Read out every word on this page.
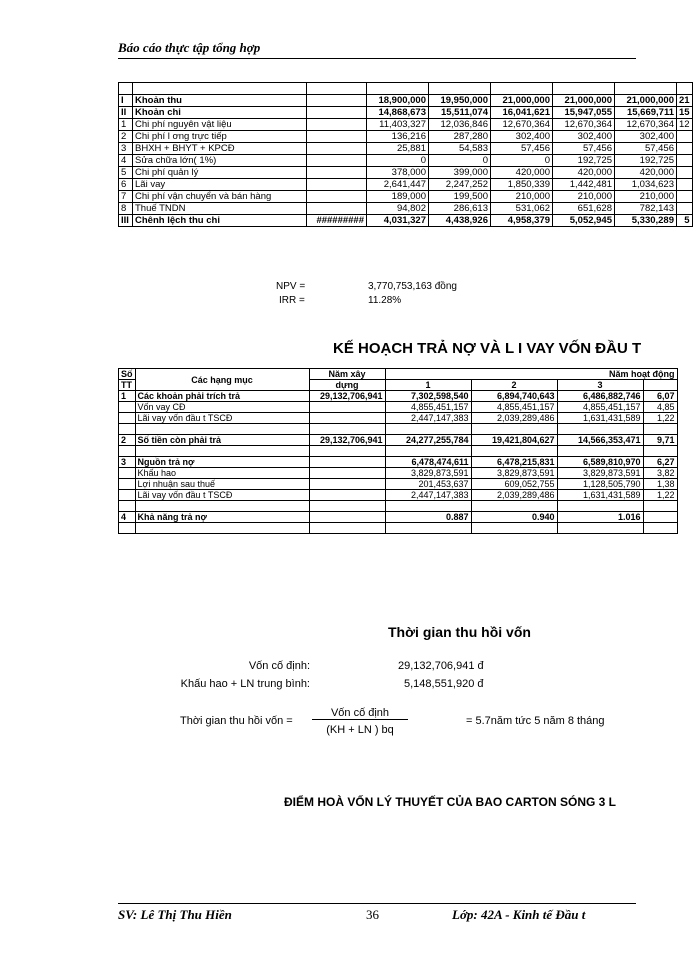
Báo cáo thực tập tổng hợp

I	Khoản thu		18,900,000	19,950,000	21,000,000	21,000,000	21,000,000	21
II	Khoản chi		14,868,673	15,511,074	16,041,621	15,947,055	15,669,711	15
1	Chi phí nguyên vật liệu		11,403,327	12,036,846	12,670,364	12,670,364	12,670,364	12
2	Chi phí l ơng trực tiếp		136,216	287,280	302,400	302,400	302,400	
3	BHXH + BHYT + KPCĐ		25,881	54,583	57,456	57,456	57,456	
4	Sửa chữa lớn( 1%)		0	0	0	192,725	192,725	
5	Chi phí quản lý		378,000	399,000	420,000	420,000	420,000	
6	Lãi vay		2,641,447	2,247,252	1,850,339	1,442,481	1,034,623	
7	Chi phí vận chuyển và bán hàng		189,000	199,500	210,000	210,000	210,000	
8	Thuế TNDN		94,802	286,613	531,062	651,628	782,143	
III	Chênh lệch thu chi	#########	4,031,327	4,438,926	4,958,379	5,052,945	5,330,289	5
NPV =	3,770,753,163 đồng
IRR =	11.28%
KẾ HOẠCH TRẢ NỢ VÀ L I VAY VỐN ĐẦU T
Số	Các hạng mục	Năm xây	Năm hoạt động			
TT		dựng	1	2	3	
1	Các khoản phải trích trả	29,132,706,941	7,302,598,540	6,894,740,643	6,486,882,746	6,07
	Vốn vay CĐ		4,855,451,157	4,855,451,157	4,855,451,157	4,85
	Lãi vay vốn đầu t TSCĐ		2,447,147,383	2,039,289,486	1,631,431,589	1,22

2	Số tiền còn phải trả	29,132,706,941	24,277,255,784	19,421,804,627	14,566,353,471	9,71

3	Nguồn trả nợ		6,478,474,611	6,478,215,831	6,589,810,970	6,27
	Khấu hao		3,829,873,591	3,829,873,591	3,829,873,591	3,82
	Lợi nhuận sau thuế		201,453,637	609,052,755	1,128,505,790	1,38
	Lãi vay vốn đầu t TSCĐ		2,447,147,383	2,039,289,486	1,631,431,589	1,22

4	Khả năng trả nợ		0.887	0.940	1.016	

Thời gian thu hồi vốn
Vốn cố định:	29,132,706,941 đ
Khấu hao + LN trung bình:	5,148,551,920 đ
Thời gian thu hồi vốn =
Vốn cố định
(KH + LN ) bq
= 5.7năm tức 5 năm 8 tháng
ĐIỂM HOÀ VỐN LÝ THUYẾT CỦA BAO CARTON SÓNG 3 L
SV: Lê Thị Thu Hiền	36	Lớp: 42A - Kinh tế Đầu t
